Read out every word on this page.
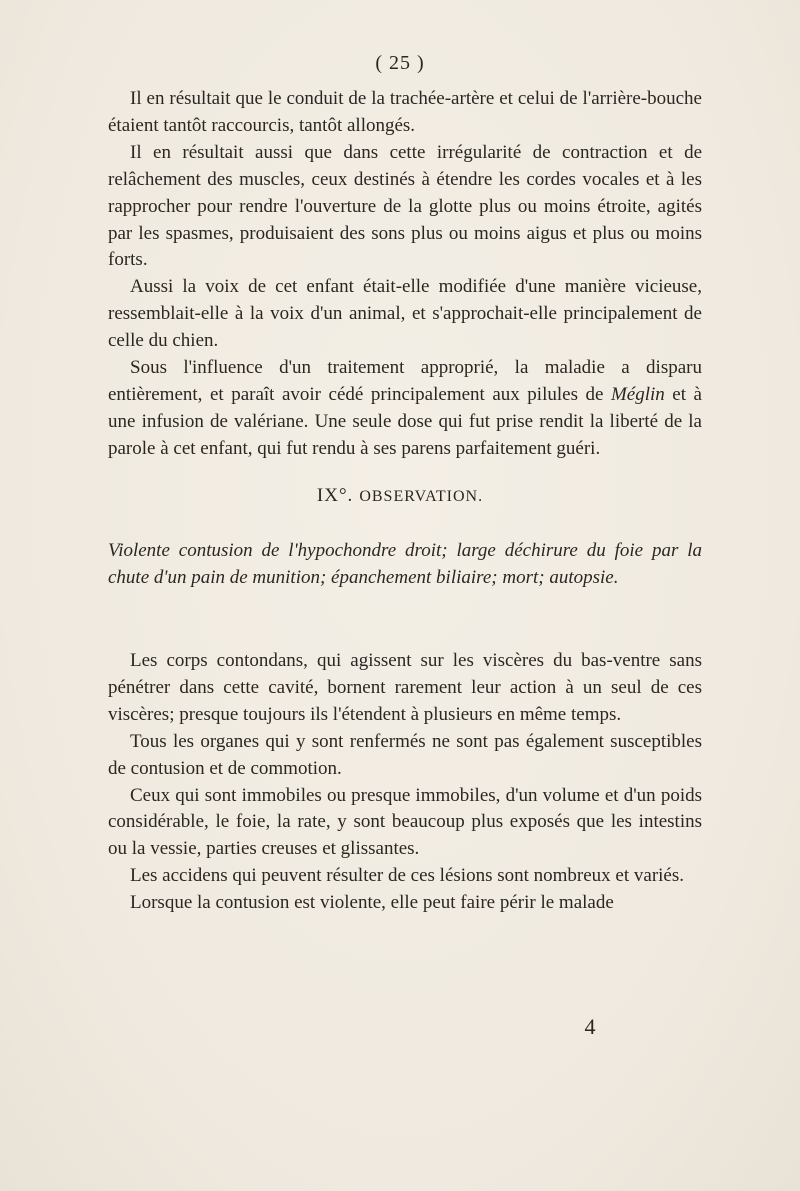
( 25 )

Il en résultait que le conduit de la trachée-artère et celui de l'arrière-bouche étaient tantôt raccourcis, tantôt allongés.

Il en résultait aussi que dans cette irrégularité de contraction et de relâchement des muscles, ceux destinés à étendre les cordes vocales et à les rapprocher pour rendre l'ouverture de la glotte plus ou moins étroite, agités par les spasmes, produisaient des sons plus ou moins aigus et plus ou moins forts.

Aussi la voix de cet enfant était-elle modifiée d'une manière vicieuse, ressemblait-elle à la voix d'un animal, et s'approchait-elle principalement de celle du chien.

Sous l'influence d'un traitement approprié, la maladie a disparu entièrement, et paraît avoir cédé principalement aux pilules de Méglin et à une infusion de valériane. Une seule dose qui fut prise rendit la liberté de la parole à cet enfant, qui fut rendu à ses parens parfaitement guéri.

IX°. OBSERVATION.

Violente contusion de l'hypochondre droit; large déchirure du foie par la chute d'un pain de munition; épanchement biliaire; mort; autopsie.

Les corps contondans, qui agissent sur les viscères du bas-ventre sans pénétrer dans cette cavité, bornent rarement leur action à un seul de ces viscères; presque toujours ils l'étendent à plusieurs en même temps.

Tous les organes qui y sont renfermés ne sont pas également susceptibles de contusion et de commotion.

Ceux qui sont immobiles ou presque immobiles, d'un volume et d'un poids considérable, le foie, la rate, y sont beaucoup plus exposés que les intestins ou la vessie, parties creuses et glissantes.

Les accidens qui peuvent résulter de ces lésions sont nombreux et variés.

Lorsque la contusion est violente, elle peut faire périr le malade

4
